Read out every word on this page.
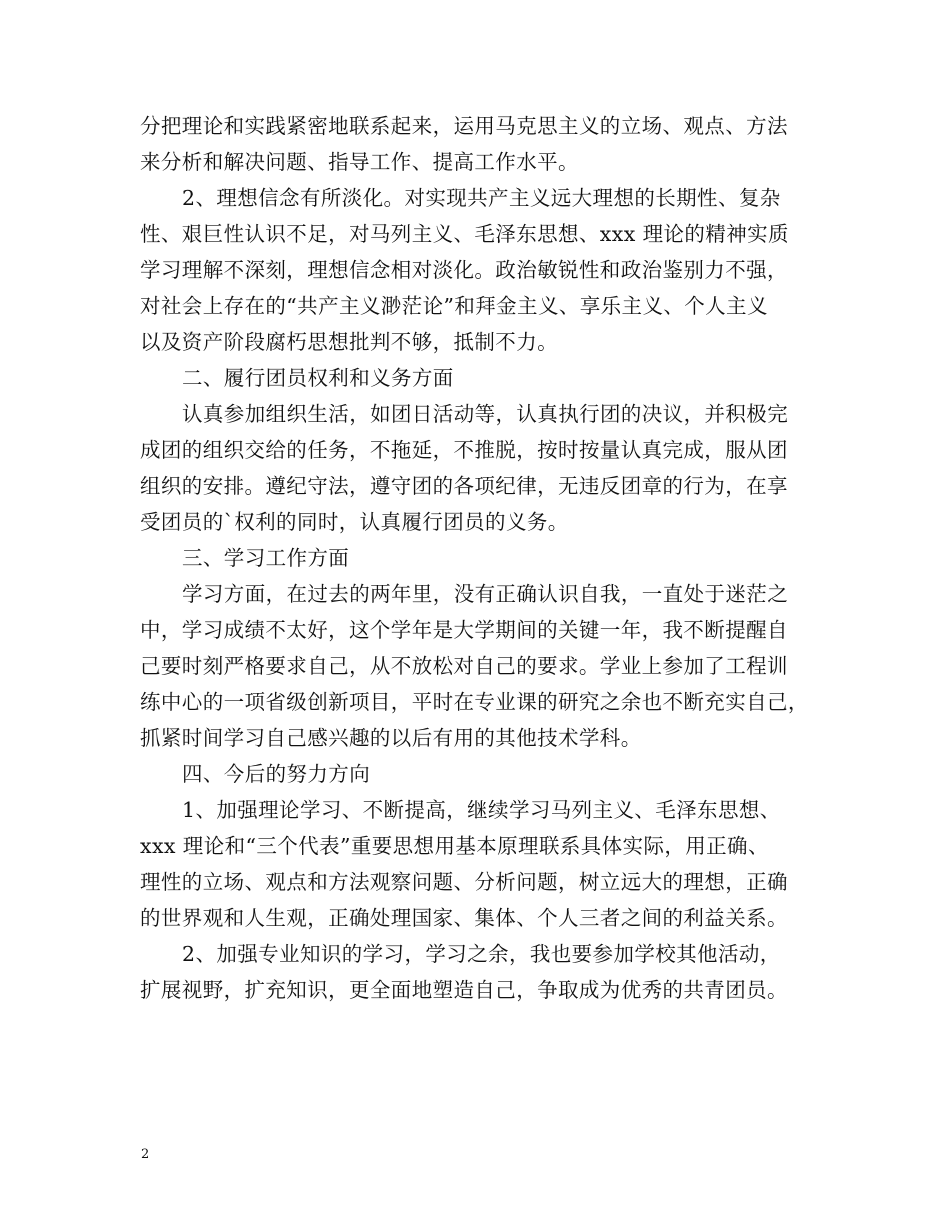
分把理论和实践紧密地联系起来，运用马克思主义的立场、观点、方法
来分析和解决问题、指导工作、提高工作水平。
2、理想信念有所淡化。对实现共产主义远大理想的长期性、复杂
性、艰巨性认识不足，对马列主义、毛泽东思想、xxx 理论的精神实质
学习理解不深刻，理想信念相对淡化。政治敏锐性和政治鉴别力不强，
对社会上存在的“共产主义渺茫论”和拜金主义、享乐主义、个人主义
以及资产阶段腐朽思想批判不够，抵制不力。
二、履行团员权利和义务方面
认真参加组织生活，如团日活动等，认真执行团的决议，并积极完
成团的组织交给的任务，不拖延，不推脱，按时按量认真完成，服从团
组织的安排。遵纪守法，遵守团的各项纪律，无违反团章的行为，在享
受团员的`权利的同时，认真履行团员的义务。
三、学习工作方面
学习方面，在过去的两年里，没有正确认识自我，一直处于迷茫之
中，学习成绩不太好，这个学年是大学期间的关键一年，我不断提醒自
己要时刻严格要求自己，从不放松对自己的要求。学业上参加了工程训
练中心的一项省级创新项目，平时在专业课的研究之余也不断充实自己，
抓紧时间学习自己感兴趣的以后有用的其他技术学科。
四、今后的努力方向
1、加强理论学习、不断提高，继续学习马列主义、毛泽东思想、
xxx 理论和“三个代表”重要思想用基本原理联系具体实际，用正确、
理性的立场、观点和方法观察问题、分析问题，树立远大的理想，正确
的世界观和人生观，正确处理国家、集体、个人三者之间的利益关系。
2、加强专业知识的学习，学习之余，我也要参加学校其他活动，
扩展视野，扩充知识，更全面地塑造自己，争取成为优秀的共青团员。
2
